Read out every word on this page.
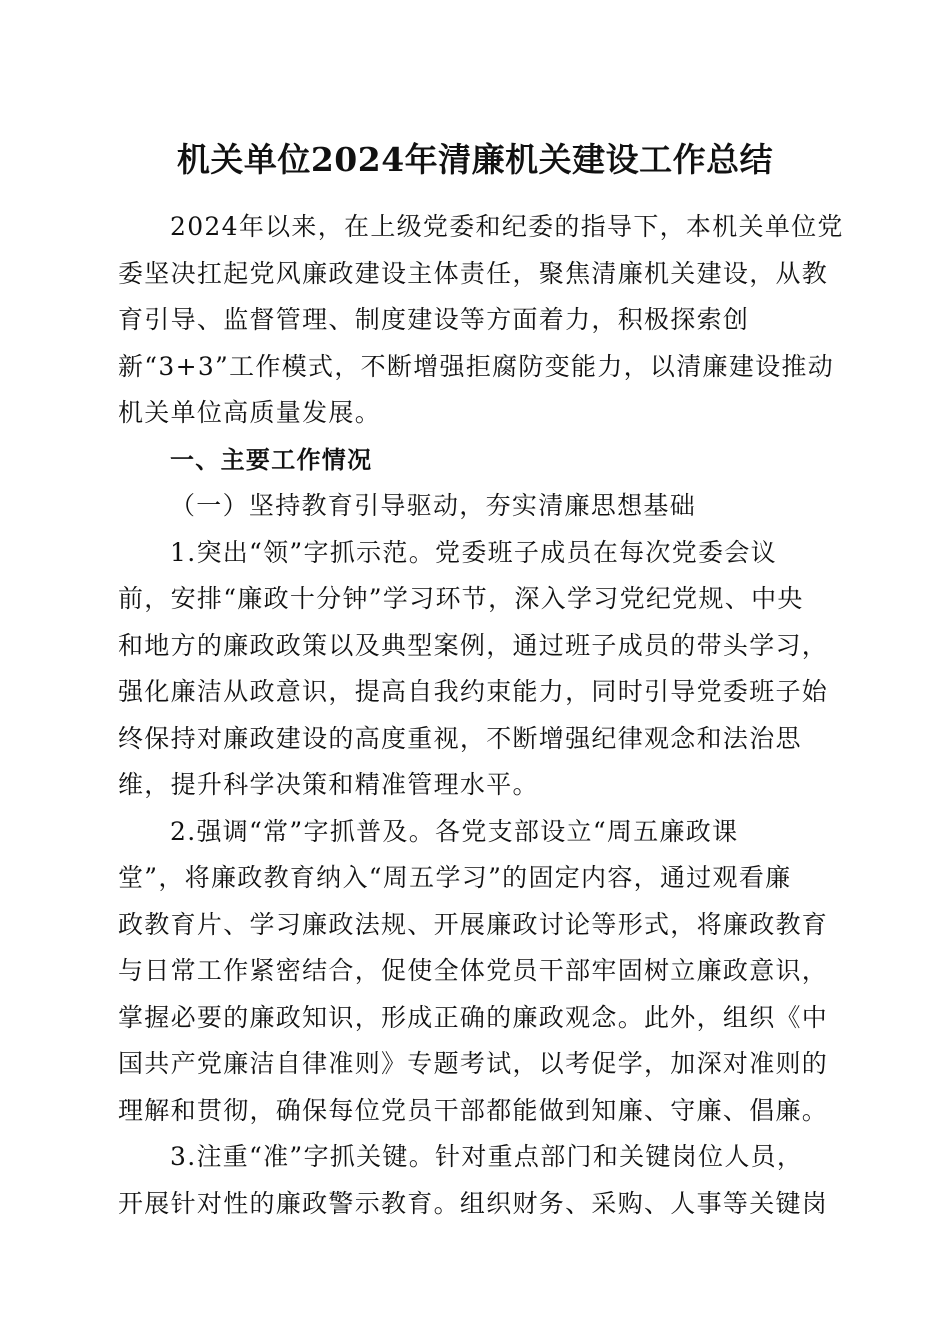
机关单位2024年清廉机关建设工作总结
2024年以来，在上级党委和纪委的指导下，本机关单位党
委坚决扛起党风廉政建设主体责任，聚焦清廉机关建设，从教
育引导、监督管理、制度建设等方面着力，积极探索创
新“3+3”工作模式，不断增强拒腐防变能力，以清廉建设推动
机关单位高质量发展。
一、主要工作情况
（一）坚持教育引导驱动，夯实清廉思想基础
1.突出“领”字抓示范。党委班子成员在每次党委会议
前，安排“廉政十分钟”学习环节，深入学习党纪党规、中央
和地方的廉政政策以及典型案例，通过班子成员的带头学习，
强化廉洁从政意识，提高自我约束能力，同时引导党委班子始
终保持对廉政建设的高度重视，不断增强纪律观念和法治思
维，提升科学决策和精准管理水平。
2.强调“常”字抓普及。各党支部设立“周五廉政课
堂”，将廉政教育纳入“周五学习”的固定内容，通过观看廉
政教育片、学习廉政法规、开展廉政讨论等形式，将廉政教育
与日常工作紧密结合，促使全体党员干部牢固树立廉政意识，
掌握必要的廉政知识，形成正确的廉政观念。此外，组织《中
国共产党廉洁自律准则》专题考试，以考促学，加深对准则的
理解和贯彻，确保每位党员干部都能做到知廉、守廉、倡廉。
3.注重“准”字抓关键。针对重点部门和关键岗位人员，
开展针对性的廉政警示教育。组织财务、采购、人事等关键岗
